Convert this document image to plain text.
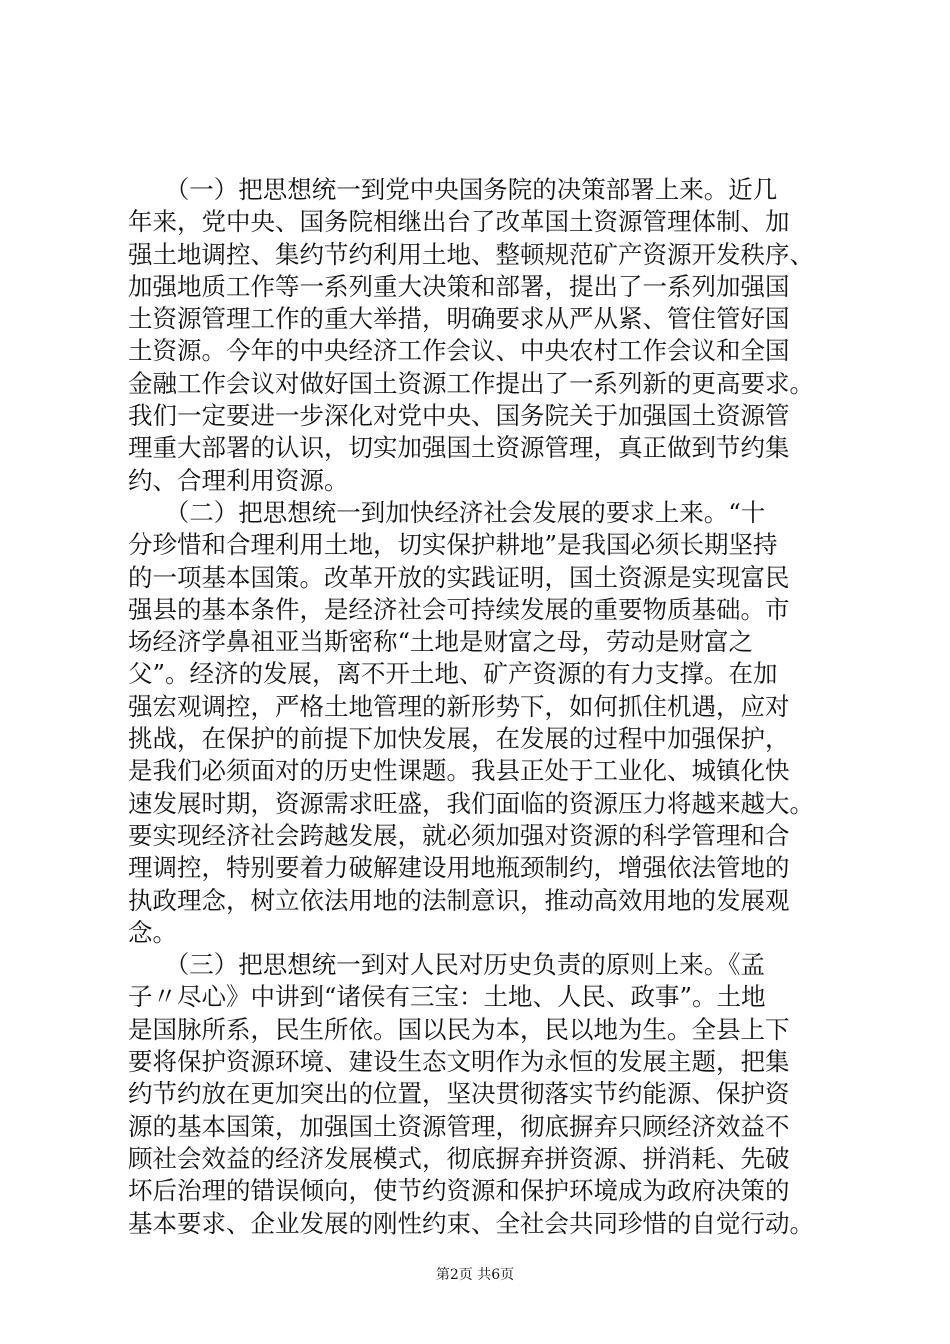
　　（一）把思想统一到党中央国务院的决策部署上来。近几
年来，党中央、国务院相继出台了改革国土资源管理体制、加
强土地调控、集约节约利用土地、整顿规范矿产资源开发秩序、
加强地质工作等一系列重大决策和部署，提出了一系列加强国
土资源管理工作的重大举措，明确要求从严从紧、管住管好国
土资源。今年的中央经济工作会议、中央农村工作会议和全国
金融工作会议对做好国土资源工作提出了一系列新的更高要求。
我们一定要进一步深化对党中央、国务院关于加强国土资源管
理重大部署的认识，切实加强国土资源管理，真正做到节约集
约、合理利用资源。

　　（二）把思想统一到加快经济社会发展的要求上来。“十
分珍惜和合理利用土地，切实保护耕地”是我国必须长期坚持
的一项基本国策。改革开放的实践证明，国土资源是实现富民
强县的基本条件，是经济社会可持续发展的重要物质基础。市
场经济学鼻祖亚当斯密称“土地是财富之母，劳动是财富之
父”。经济的发展，离不开土地、矿产资源的有力支撑。在加
强宏观调控，严格土地管理的新形势下，如何抓住机遇，应对
挑战，在保护的前提下加快发展，在发展的过程中加强保护，
是我们必须面对的历史性课题。我县正处于工业化、城镇化快
速发展时期，资源需求旺盛，我们面临的资源压力将越来越大。
要实现经济社会跨越发展，就必须加强对资源的科学管理和合
理调控，特别要着力破解建设用地瓶颈制约，增强依法管地的
执政理念，树立依法用地的法制意识，推动高效用地的发展观
念。

　　（三）把思想统一到对人民对历史负责的原则上来。《孟
子〃尽心》中讲到“诸侯有三宝：土地、人民、政事”。土地
是国脉所系，民生所依。国以民为本，民以地为生。全县上下
要将保护资源环境、建设生态文明作为永恒的发展主题，把集
约节约放在更加突出的位置，坚决贯彻落实节约能源、保护资
源的基本国策，加强国土资源管理，彻底摒弃只顾经济效益不
顾社会效益的经济发展模式，彻底摒弃拼资源、拼消耗、先破
坏后治理的错误倾向，使节约资源和保护环境成为政府决策的
基本要求、企业发展的刚性约束、全社会共同珍惜的自觉行动。

第2页 共6页
